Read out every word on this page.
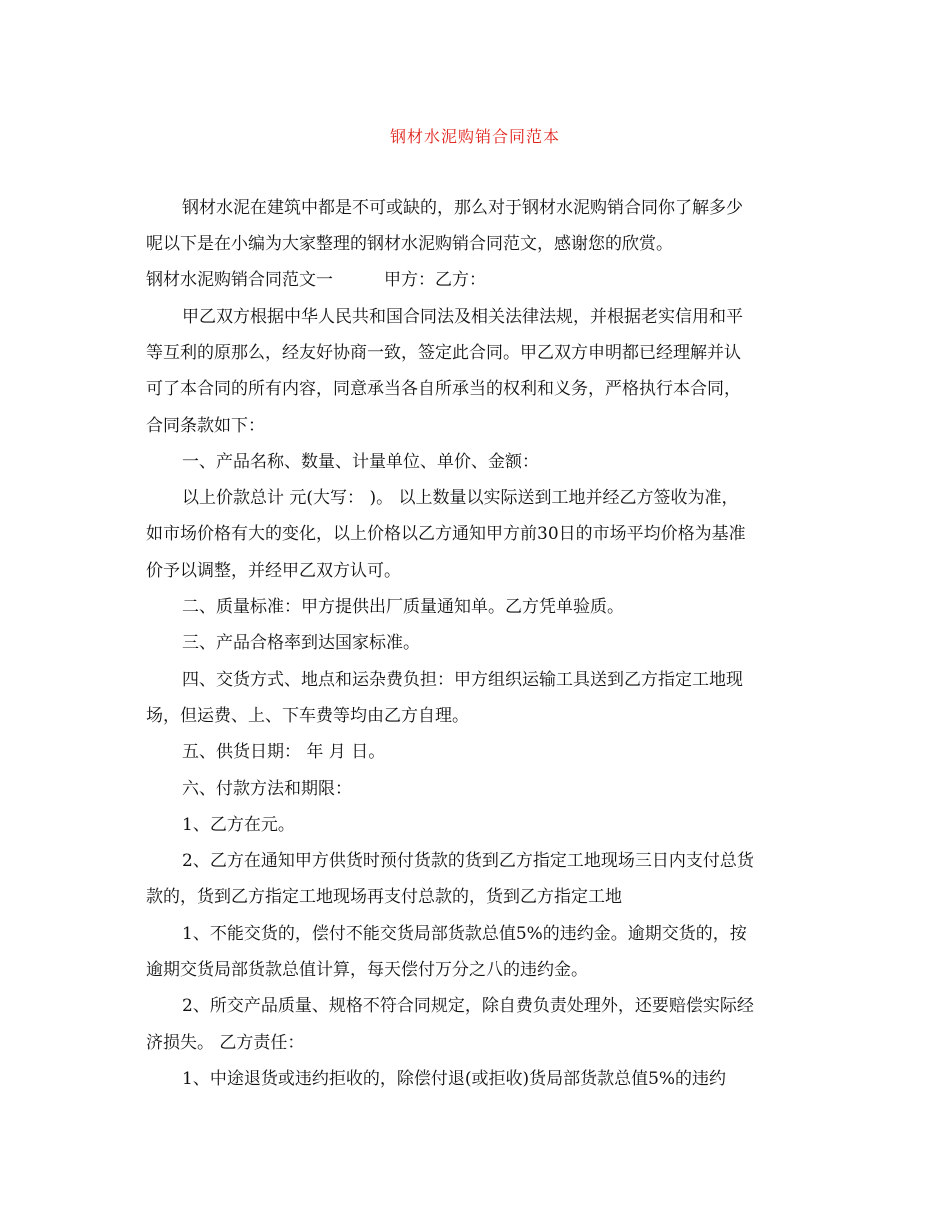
钢材水泥购销合同范本
钢材水泥在建筑中都是不可或缺的，那么对于钢材水泥购销合同你了解多少
呢以下是在小编为大家整理的钢材水泥购销合同范文，感谢您的欣赏。
钢材水泥购销合同范文一　　　甲方：乙方：
甲乙双方根据中华人民共和国合同法及相关法律法规，并根据老实信用和平
等互利的原那么，经友好协商一致，签定此合同。甲乙双方申明都已经理解并认
可了本合同的所有内容，同意承当各自所承当的权利和义务，严格执行本合同，
合同条款如下：
一、产品名称、数量、计量单位、单价、金额：
以上价款总计 元(大写： )。 以上数量以实际送到工地并经乙方签收为准，
如市场价格有大的变化，以上价格以乙方通知甲方前30日的市场平均价格为基准
价予以调整，并经甲乙双方认可。
二、质量标准：甲方提供出厂质量通知单。乙方凭单验质。
三、产品合格率到达国家标准。
四、交货方式、地点和运杂费负担：甲方组织运输工具送到乙方指定工地现
场，但运费、上、下车费等均由乙方自理。
五、供货日期： 年 月 日。
六、付款方法和期限：
1、乙方在元。
2、乙方在通知甲方供货时预付货款的货到乙方指定工地现场三日内支付总货
款的，货到乙方指定工地现场再支付总款的，货到乙方指定工地
1、不能交货的，偿付不能交货局部货款总值5%的违约金。逾期交货的，按
逾期交货局部货款总值计算，每天偿付万分之八的违约金。
2、所交产品质量、规格不符合同规定，除自费负责处理外，还要赔偿实际经
济损失。 乙方责任：
1、中途退货或违约拒收的，除偿付退(或拒收)货局部货款总值5%的违约
